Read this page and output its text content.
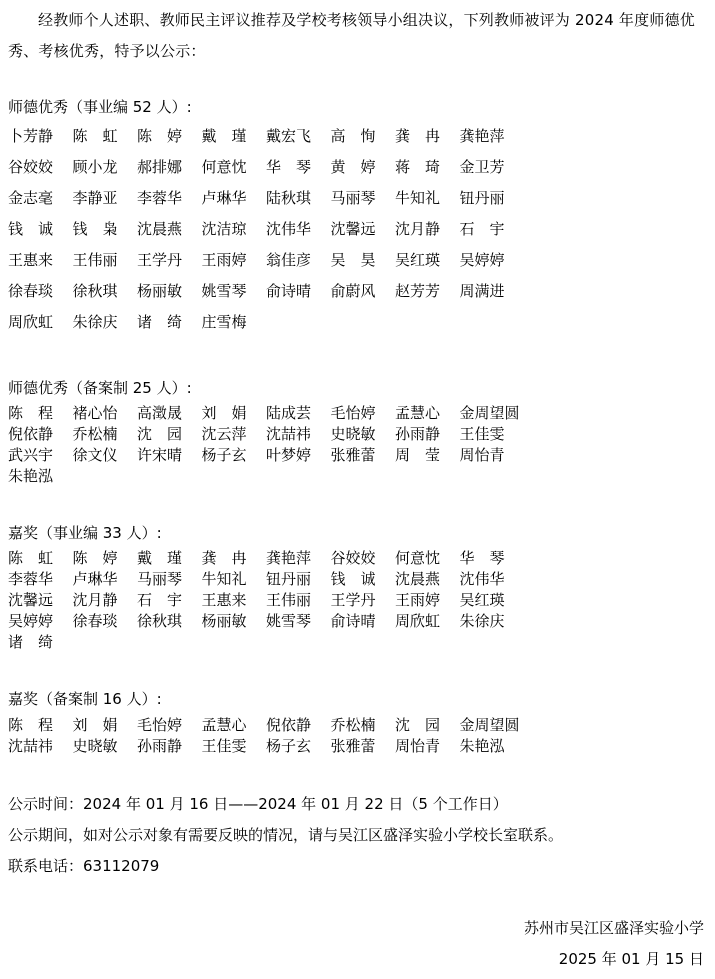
经教师个人述职、教师民主评议推荐及学校考核领导小组决议，下列教师被评为 2024 年度师德优秀、考核优秀，特予以公示：
师德优秀（事业编 52 人）:
卜芳静 陈　虹 陈　婷 戴　瑾 戴宏飞 高　恂 龚　冉 龚艳萍
谷姣姣 顾小龙 郝排娜 何意忱 华　琴 黄　婷 蒋　琦 金卫芳
金志毫 李静亚 李蓉华 卢琳华 陆秋琪 马丽琴 牛知礼 钮丹丽
钱　诚 钱　枭 沈晨燕 沈洁琼 沈伟华 沈馨远 沈月静 石　宇
王惠来 王伟丽 王学丹 王雨婷 翁佳彦 吴　昊 吴红瑛 吴婷婷
徐春琰 徐秋琪 杨丽敏 姚雪琴 俞诗晴 俞蔚风 赵芳芳 周满进
周欣虹 朱徐庆 诸　绮 庄雪梅
师德优秀（备案制 25 人）:
陈　程 褚心怡 高澂晟 刘　娟 陆成芸 毛怡婷 孟慧心 金周望圆
倪依静 乔松楠 沈　园 沈云萍 沈喆祎 史晓敏 孙雨静 王佳雯
武兴宇 徐文仪 许宋晴 杨子玄 叶梦婷 张雅蕾 周　莹 周怡青
朱艳泓
嘉奖（事业编 33 人）:
陈　虹 陈　婷 戴　瑾 龚　冉 龚艳萍 谷姣姣 何意忱 华　琴
李蓉华 卢琳华 马丽琴 牛知礼 钮丹丽 钱　诚 沈晨燕 沈伟华
沈馨远 沈月静 石　宇 王惠来 王伟丽 王学丹 王雨婷 吴红瑛
吴婷婷 徐春琰 徐秋琪 杨丽敏 姚雪琴 俞诗晴 周欣虹 朱徐庆
诸　绮
嘉奖（备案制 16 人）:
陈　程 刘　娟 毛怡婷 孟慧心 倪依静 乔松楠 沈　园 金周望圆
沈喆祎 史晓敏 孙雨静 王佳雯 杨子玄 张雅蕾 周怡青 朱艳泓
公示时间：2024 年 01 月 16 日——2024 年 01 月 22 日（5 个工作日）
公示期间，如对公示对象有需要反映的情况，请与吴江区盛泽实验小学校长室联系。
联系电话：63112079
苏州市吴江区盛泽实验小学
2025 年 01 月 15 日
